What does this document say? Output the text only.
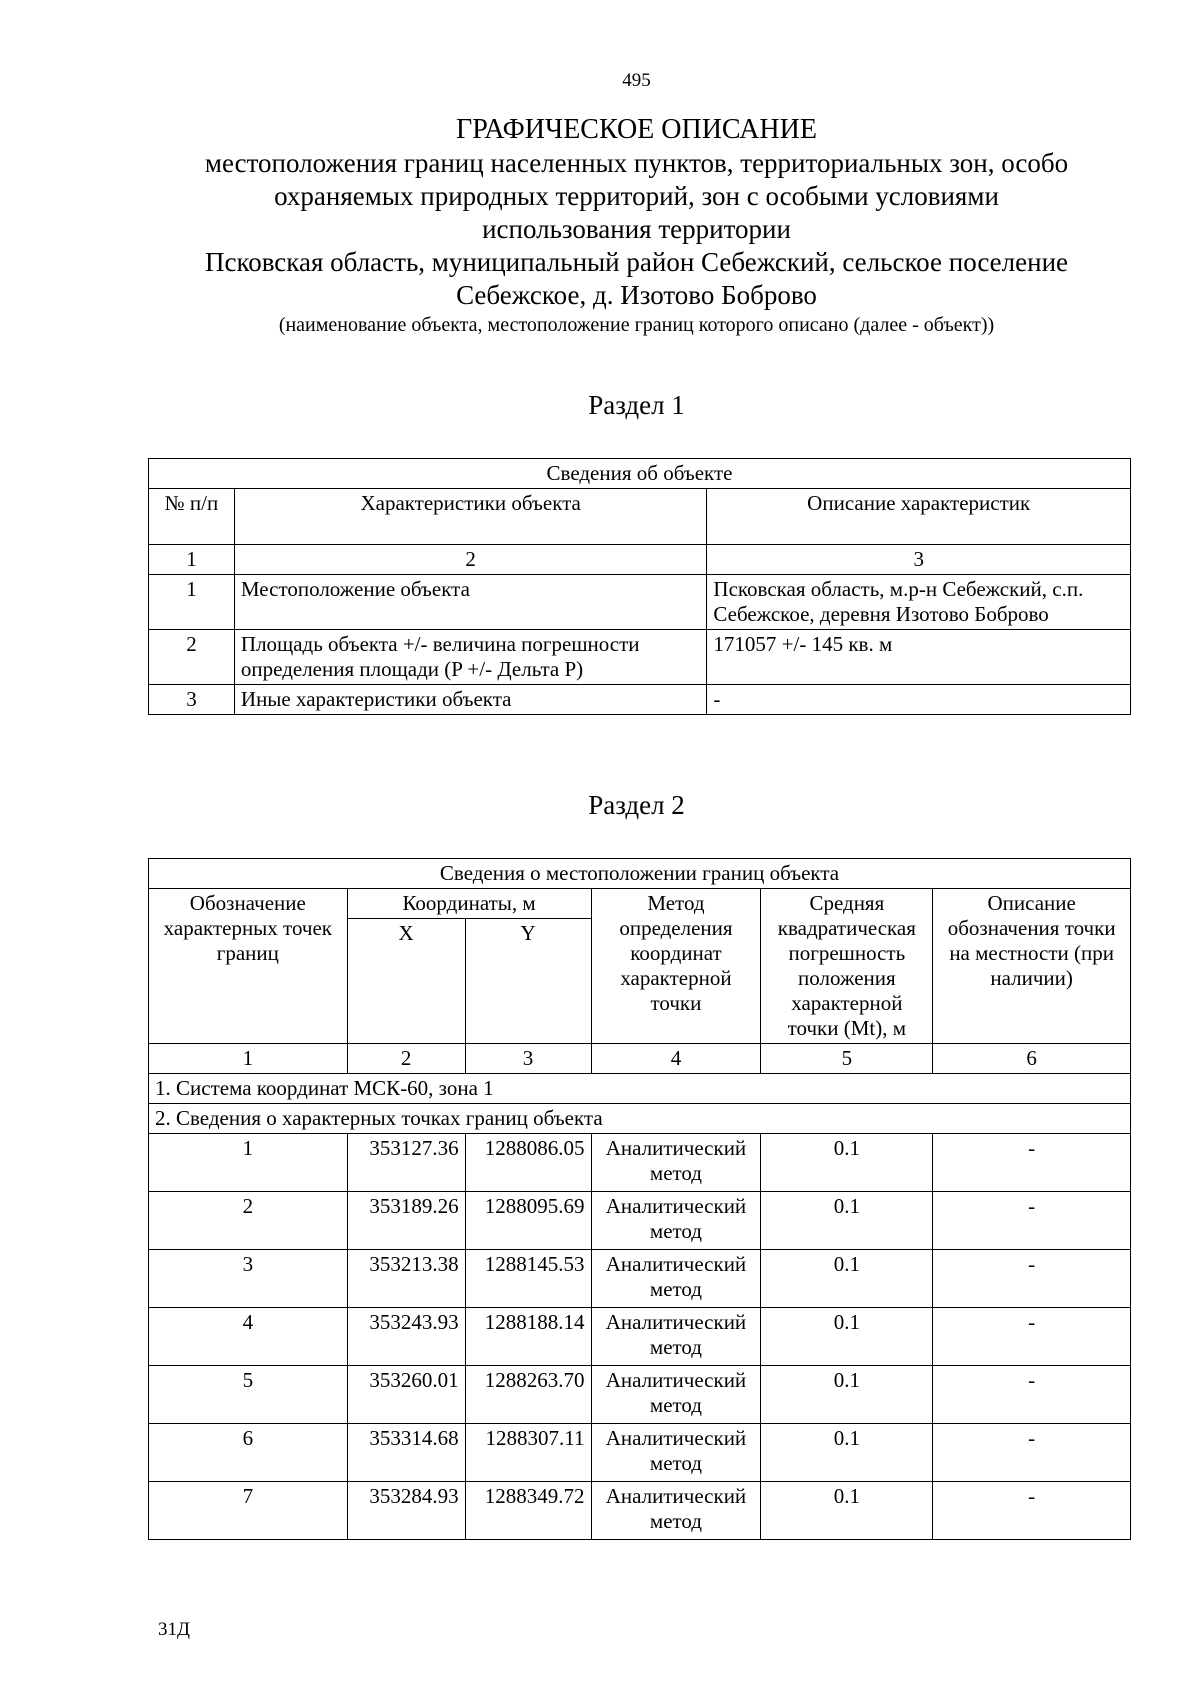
495
ГРАФИЧЕСКОЕ ОПИСАНИЕ
местоположения границ населенных пунктов, территориальных зон, особо
охраняемых природных территорий, зон с особыми условиями
использования территории
Псковская область, муниципальный район Себежский, сельское поселение
Себежское, д. Изотово Боброво
(наименование объекта, местоположение границ которого описано (далее - объект))
Раздел 1
Сведения об объекте		
№ п/п	Характеристики объекта	Описание характеристик
1	2	3
1	Местоположение объекта	Псковская область, м.р-н Себежский, с.п. Себежское, деревня Изотово Боброво
2	Площадь объекта +/- величина погрешности определения площади (P +/- Дельта P)	171057 +/- 145 кв. м
3	Иные характеристики объекта	-
Раздел 2
Сведения о местоположении границ объекта					
Обозначение характерных точек границ	Координаты, м		Метод определения координат характерной точки	Средняя квадратическая погрешность положения характерной точки (Mt), м	Описание обозначения точки на местности (при наличии)
	X	Y			
1	2	3	4	5	6
1. Система координат МСК-60, зона 1					
2. Сведения о характерных точках границ объекта					
1	353127.36	1288086.05	Аналитический метод	0.1	-
2	353189.26	1288095.69	Аналитический метод	0.1	-
3	353213.38	1288145.53	Аналитический метод	0.1	-
4	353243.93	1288188.14	Аналитический метод	0.1	-
5	353260.01	1288263.70	Аналитический метод	0.1	-
6	353314.68	1288307.11	Аналитический метод	0.1	-
7	353284.93	1288349.72	Аналитический метод	0.1	-
31Д
